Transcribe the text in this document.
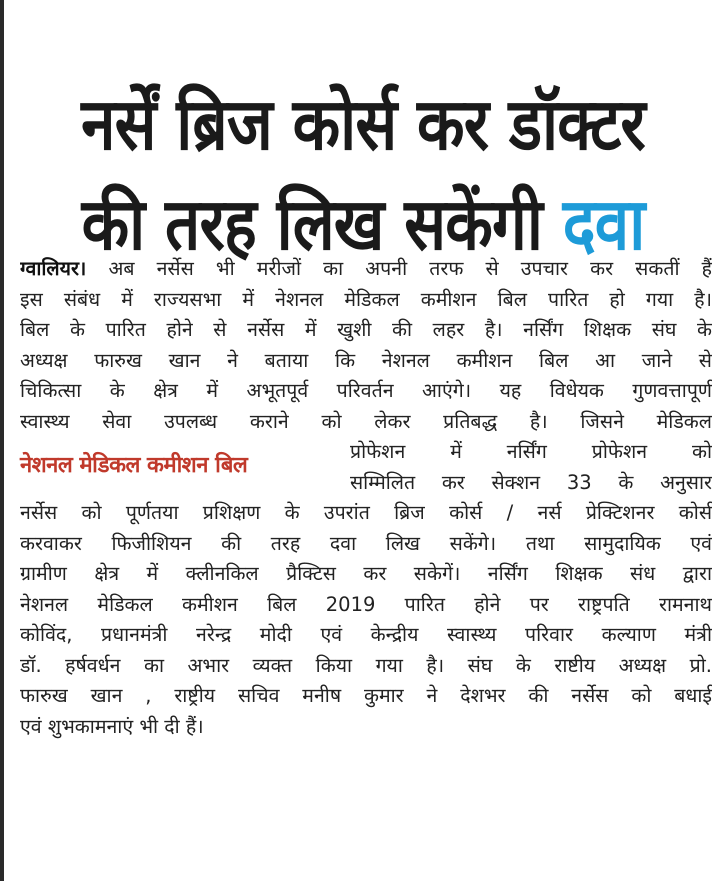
नर्सें ब्रिज कोर्स कर डॉक्टर
की तरह लिख सकेंगी दवा
ग्वालियर। अब नर्सेस भी मरीजों का अपनी तरफ से उपचार कर सकतीं हैं
इस संबंध में राज्यसभा में नेशनल मेडिकल कमीशन बिल पारित हो गया है।
बिल के पारित होने से नर्सेस में खुशी की लहर है। नर्सिंग शिक्षक संघ के
अध्यक्ष फारुख खान ने बताया कि नेशनल कमीशन बिल आ जाने से
चिकित्सा के क्षेत्र में अभूतपूर्व परिवर्तन आएंगे। यह विधेयक गुणवत्तापूर्ण
स्वास्थ्य सेवा उपलब्ध कराने को लेकर प्रतिबद्ध है। जिसने मेडिकल
नेशनल मेडिकल कमीशन बिल
प्रोफेशन में नर्सिंग प्रोफेशन को
सम्मिलित कर सेक्शन 33 के अनुसार
नर्सेस को पूर्णतया प्रशिक्षण के उपरांत ब्रिज कोर्स / नर्स प्रेक्टिशनर कोर्स
करवाकर फिजीशियन की तरह दवा लिख सकेंगे। तथा सामुदायिक एवं
ग्रामीण क्षेत्र में क्लीनकिल प्रैक्टिस कर सकेगें। नर्सिंग शिक्षक संध द्वारा
नेशनल मेडिकल कमीशन बिल 2019 पारित होने पर राष्ट्रपति रामनाथ
कोविंद, प्रधानमंत्री नरेन्द्र मोदी एवं केन्द्रीय स्वास्थ्य परिवार कल्याण मंत्री
डॉ. हर्षवर्धन का अभार व्यक्त किया गया है। संघ के राष्टीय अध्यक्ष प्रो.
फारुख खान , राष्ट्रीय सचिव मनीष कुमार ने देशभर की नर्सेस को बधाई
एवं शुभकामनाएं भी दी हैं।
